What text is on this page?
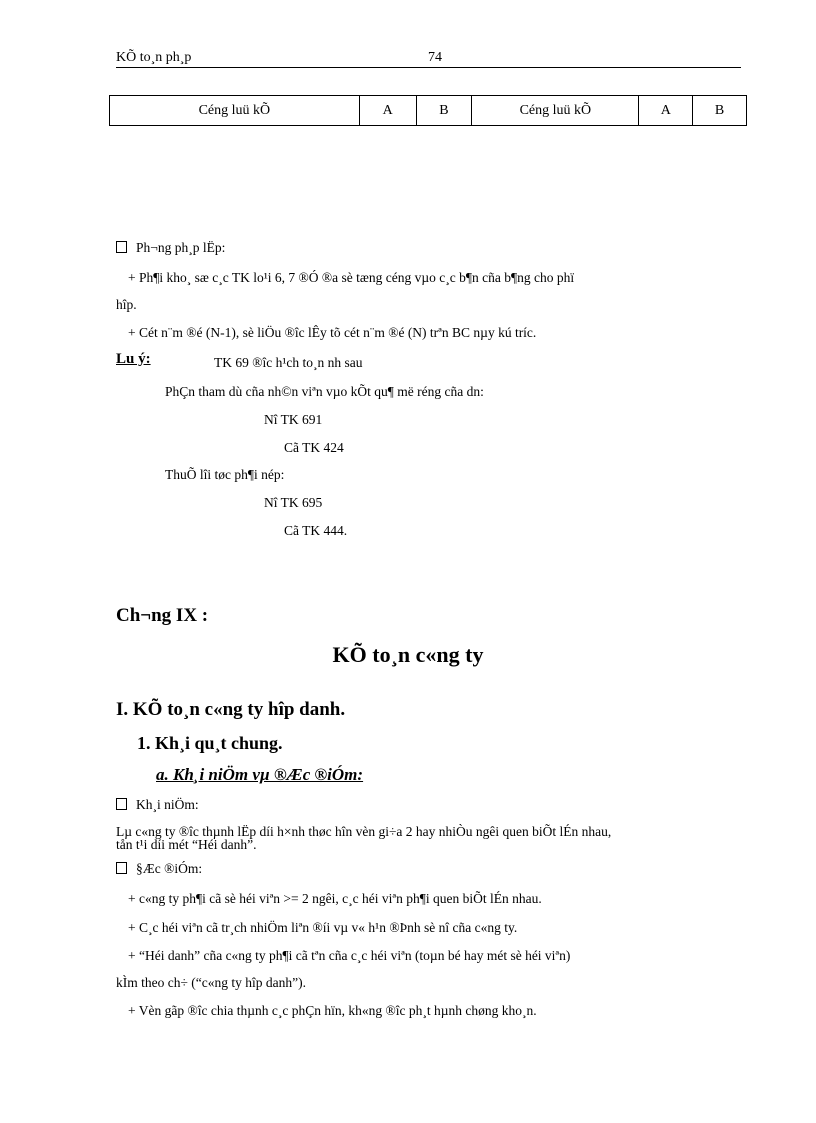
KÕ to¸n ph¸p	74
Céng luü kÕ	A	B	Céng luü kÕ	A	B
Ph¬ng ph¸p lËp:
+ Ph¶i kho¸ sæ c¸c TK lo¹i 6, 7 ®Ó ®a sè tæng céng vµo c¸c b¶n cña b¶ng cho phï
hîp.
+ Cét n¨m ®é (N-1), sè liÖu ®îc lÊy tõ cét n¨m ®é (N) trªn BC nµy kú tríc.
Lu ý:	TK 69 ®îc h¹ch to¸n nh sau
PhÇn tham dù cña nh©n viªn vµo kÕt qu¶ më réng cña dn:
Nî TK 691
Cã TK 424
ThuÕ lîi tøc ph¶i nép:
Nî TK 695
Cã TK 444.
Ch¬ng IX :
KÕ to¸n c«ng ty
I. KÕ to¸n c«ng ty hîp danh.
1. Kh¸i qu¸t chung.
a. Kh¸i niÖm vµ ®Æc ®iÓm:
Kh¸i niÖm:
Lµ c«ng ty ®îc thµnh lËp díi h×nh thøc hîn vèn gi÷a 2 hay nhiÒu ngêi quen biÕt lÉn nhau,
tån t¹i díi mét “Héi danh”.
§Æc ®iÓm:
+ c«ng ty ph¶i cã sè héi viªn >= 2 ngêi, c¸c héi viªn ph¶i quen biÕt lÉn nhau.
+ C¸c héi viªn cã tr¸ch nhiÖm liªn ®íi vµ v« h¹n ®Þnh sè nî cña c«ng ty.
+ “Héi danh” cña c«ng ty ph¶i cã tªn cña c¸c héi viªn (toµn bé hay mét sè héi viªn)
kÌm theo ch÷ (“c«ng ty hîp danh”).
+ Vèn gãp ®îc chia thµnh c¸c phÇn hïn, kh«ng ®îc ph¸t hµnh chøng kho¸n.
